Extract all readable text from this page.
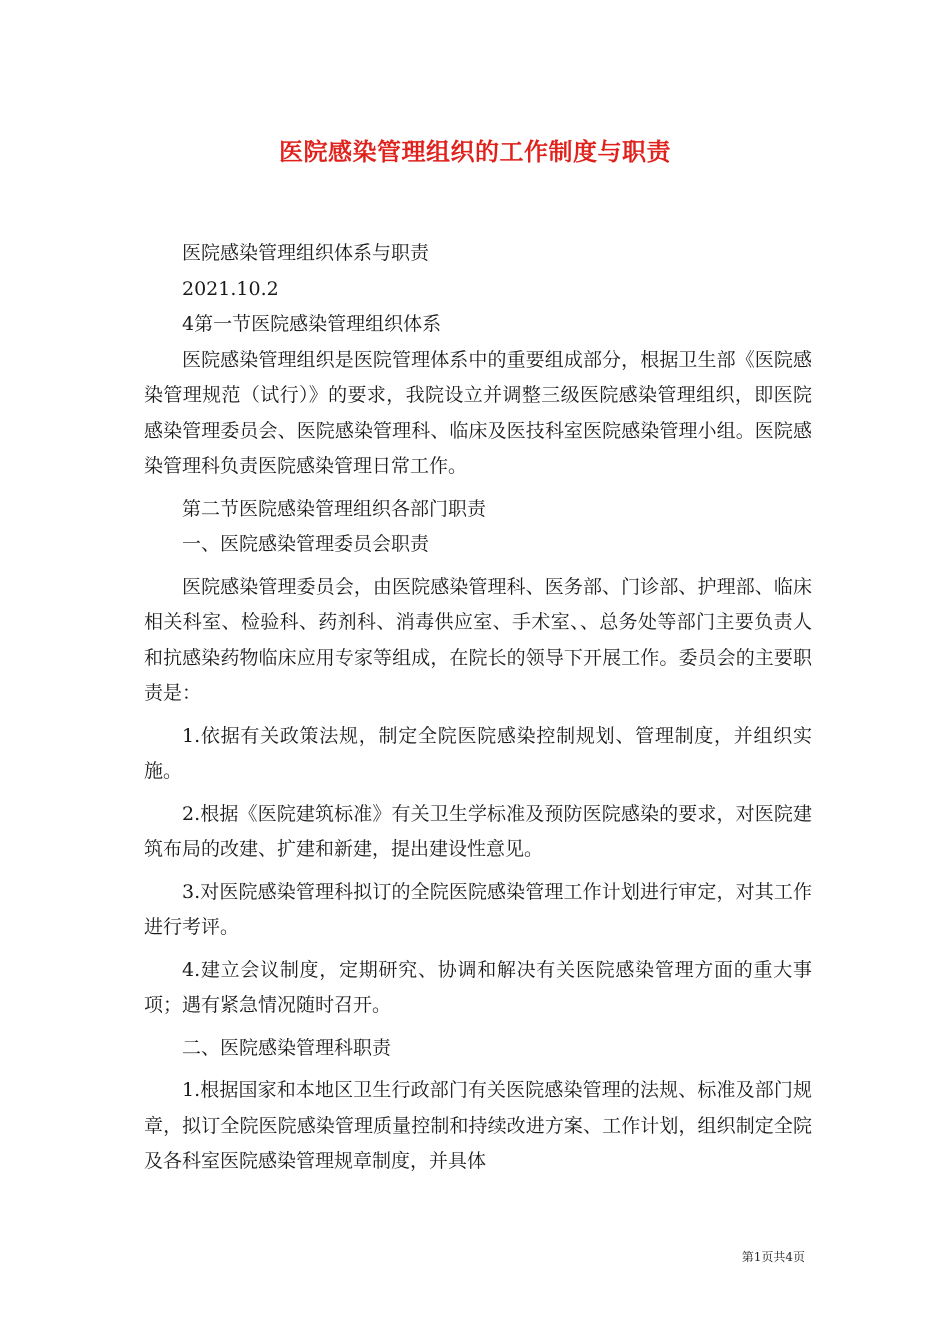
医院感染管理组织的工作制度与职责

医院感染管理组织体系与职责

2021.10.2

4第一节医院感染管理组织体系

医院感染管理组织是医院管理体系中的重要组成部分，根据卫生部《医院感染管理规范（试行）》的要求，我院设立并调整三级医院感染管理组织，即医院感染管理委员会、医院感染管理科、临床及医技科室医院感染管理小组。医院感染管理科负责医院感染管理日常工作。

第二节医院感染管理组织各部门职责

一、医院感染管理委员会职责

医院感染管理委员会，由医院感染管理科、医务部、门诊部、护理部、临床相关科室、检验科、药剂科、消毒供应室、手术室、、总务处等部门主要负责人和抗感染药物临床应用专家等组成，在院长的领导下开展工作。委员会的主要职责是：

1.依据有关政策法规，制定全院医院感染控制规划、管理制度，并组织实施。

2.根据《医院建筑标准》有关卫生学标准及预防医院感染的要求，对医院建筑布局的改建、扩建和新建，提出建设性意见。

3.对医院感染管理科拟订的全院医院感染管理工作计划进行审定，对其工作进行考评。

4.建立会议制度，定期研究、协调和解决有关医院感染管理方面的重大事项；遇有紧急情况随时召开。

二、医院感染管理科职责

1.根据国家和本地区卫生行政部门有关医院感染管理的法规、标准及部门规章，拟订全院医院感染管理质量控制和持续改进方案、工作计划，组织制定全院及各科室医院感染管理规章制度，并具体

第1页共4页
